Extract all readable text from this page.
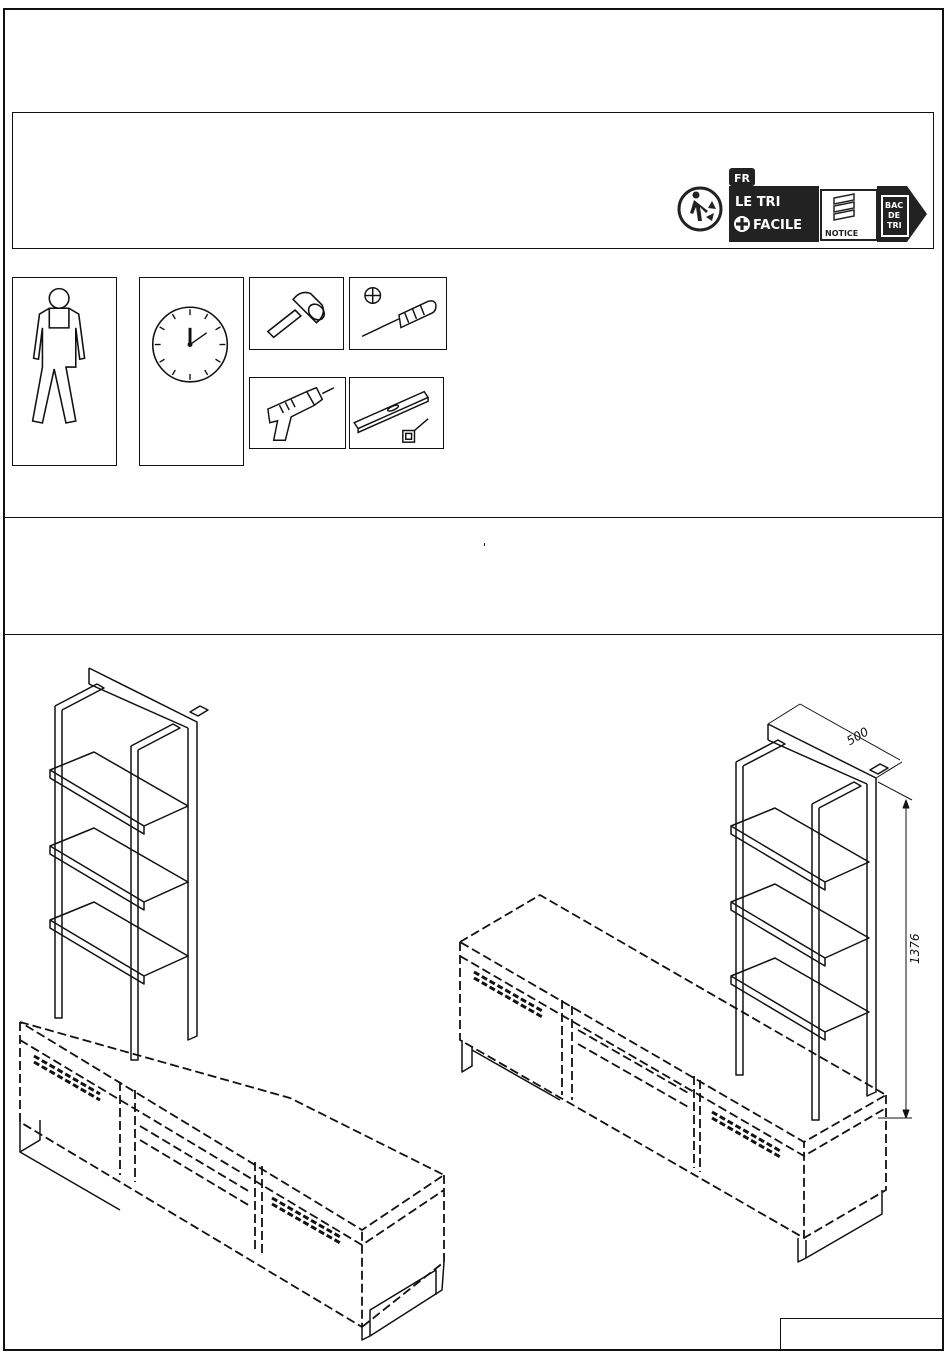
FR
LE TRI
FACILE
NOTICE
BAC
DE
TRI
500
1376
